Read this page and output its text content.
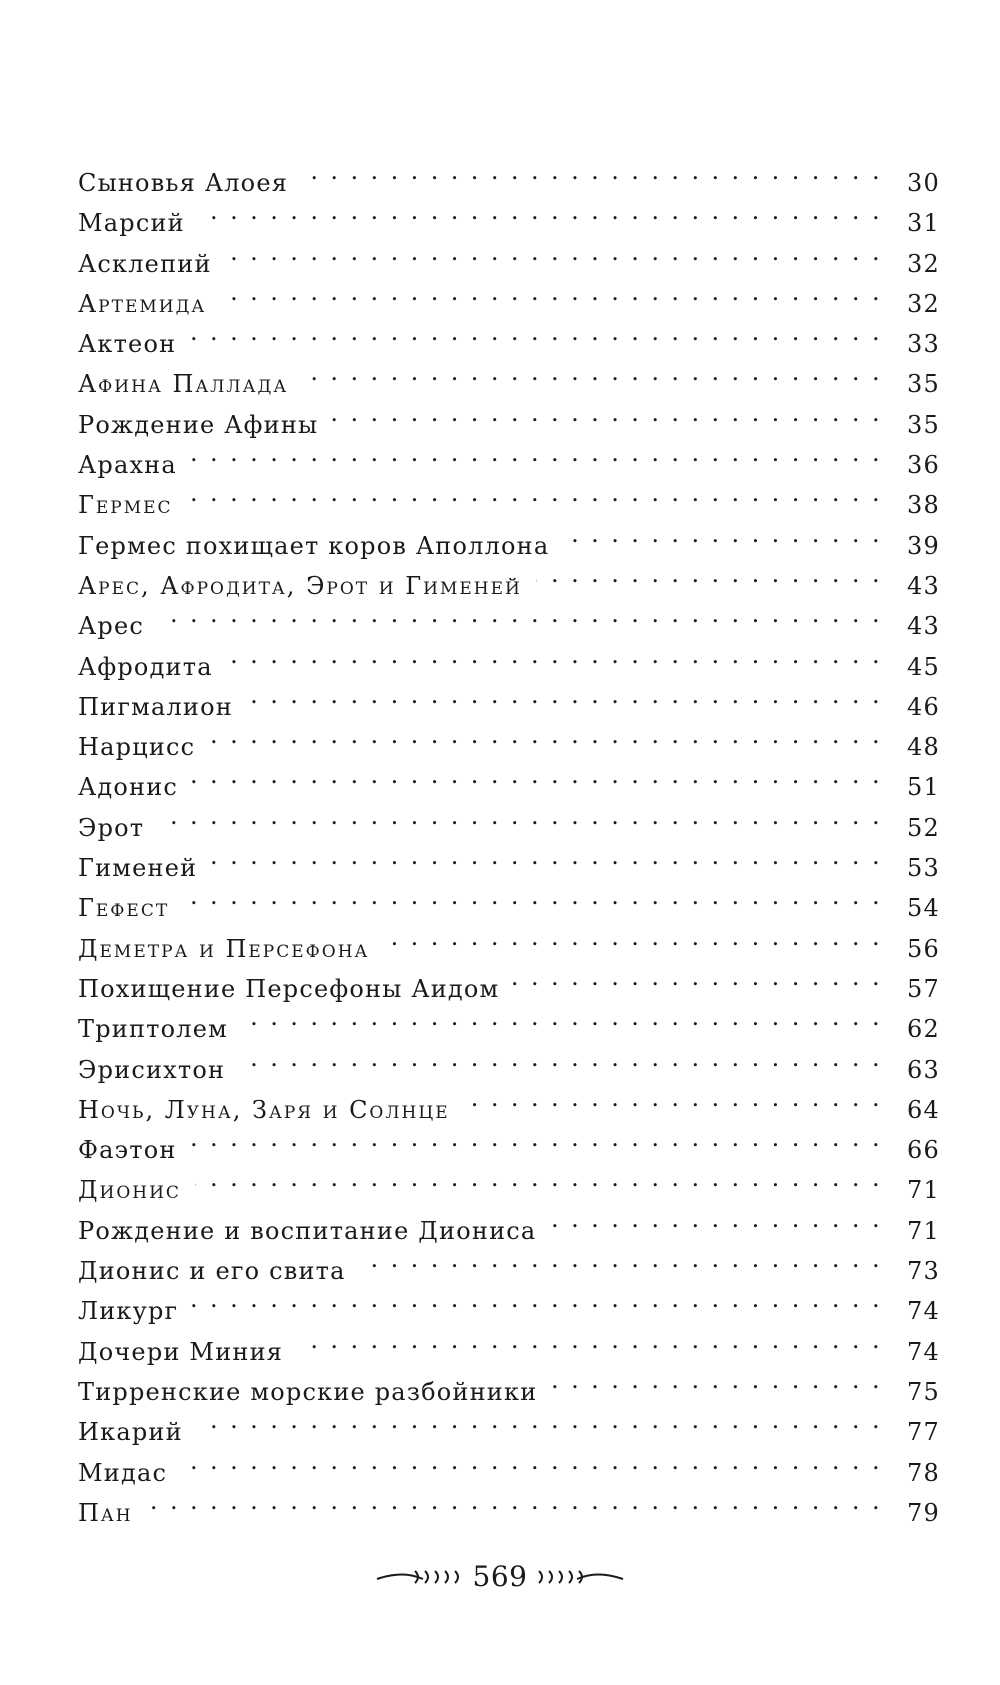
Сыновья Алоея . . .	30
Марсий . . .	31
Асклепий . . .	32
Артемида . . .	32
Актеон . . .	33
Афина Паллада . . .	35
Рождение Афины . . .	35
Арахна . . .	36
Гермес . . .	38
Гермес похищает коров Аполлона . . .	39
Арес, Афродита, Эрот и Гименей . . .	43
Арес . . .	43
Афродита . . .	45
Пигмалион . . .	46
Нарцисс . . .	48
Адонис . . .	51
Эрот . . .	52
Гименей . . .	53
Гефест . . .	54
Деметра и Персефона . . .	56
Похищение Персефоны Аидом . . .	57
Триптолем . . .	62
Эрисихтон . . .	63
Ночь, Луна, Заря и Солнце . . .	64
Фаэтон . . .	66
Дионис . . .	71
Рождение и воспитание Диониса . . .	71
Дионис и его свита . . .	73
Ликург . . .	74
Дочери Миния . . .	74
Тирренские морские разбойники . . .	75
Икарий . . .	77
Мидас . . .	78
Пан . . .	79
569
